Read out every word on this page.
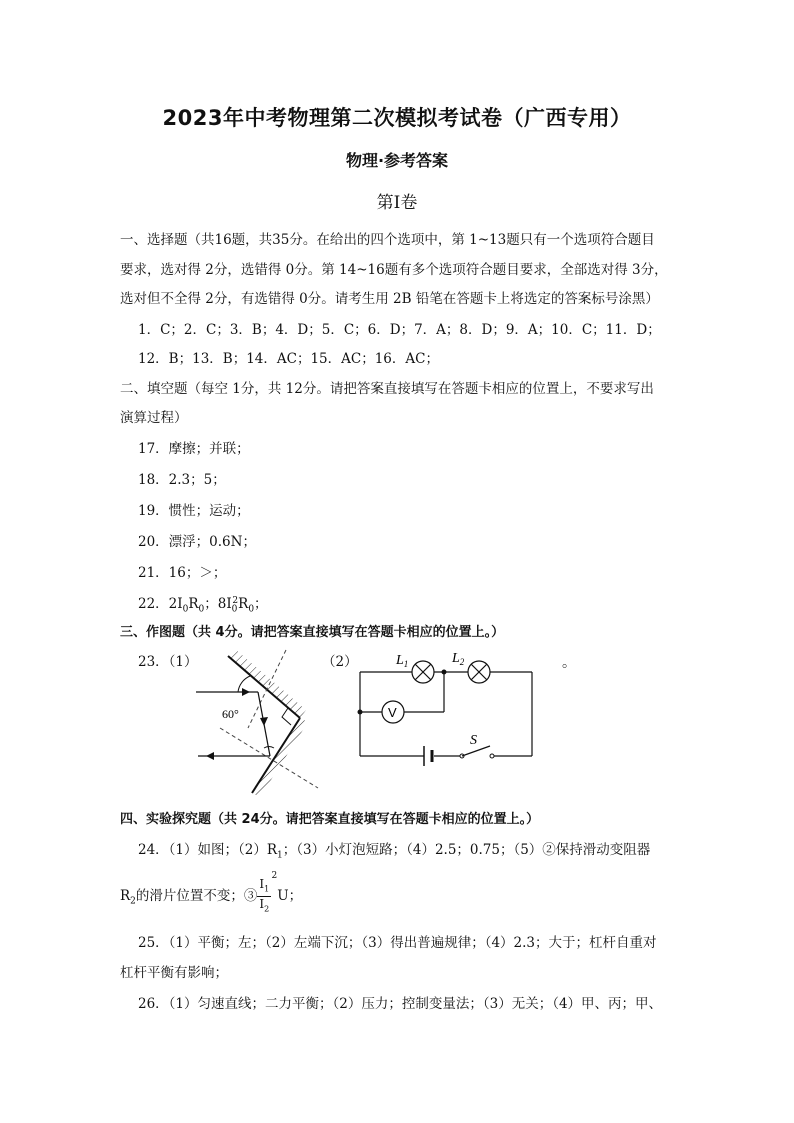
2023年中考物理第二次模拟考试卷（广西专用）
物理·参考答案
第Ⅰ卷
一、选择题（共16题，共35分。在给出的四个选项中，第 1~13题只有一个选项符合题目
要求，选对得 2分，选错得 0分。第 14~16题有多个选项符合题目要求，全部选对得 3分，
选对但不全得 2分，有选错得 0分。请考生用 2B 铅笔在答题卡上将选定的答案标号涂黑）
1．C；2．C；3．B；4．D；5．C；6．D；7．A；8．D；9．A；10．C；11．D；
12．B；13．B；14．AC；15．AC；16．AC；
二、填空题（每空 1分，共 12分。请把答案直接填写在答题卡相应的位置上，不要求写出
演算过程）
17．摩擦；并联；
18．2.3；5；
19．惯性；运动；
20．漂浮；0.6N；
21．16；＞；
22．$2I_0R_0$；$8I_0^2R_0$；
三、作图题（共 4分。请把答案直接填写在答题卡相应的位置上。）
23．（1）	（2）
60°	V
$L_1$	$L_2$
S
。
四、实验探究题（共 24分。请把答案直接填写在答题卡相应的位置上。）
24．（1）如图；$(2)R_1$；（3）小灯泡短路；（4）2.5；0.75；（5）②保持滑动变阻器
$R_2$的滑片位置不变；③
$I_1$
$I_2$
2
U；
25．（1）平衡；左；（2）左端下沉；（3）得出普遍规律；（4）2.3；大于；杠杆自重对
杠杆平衡有影响；
26．（1）匀速直线；二力平衡；（2）压力；控制变量法；（3）无关；（4）甲、丙；甲、
